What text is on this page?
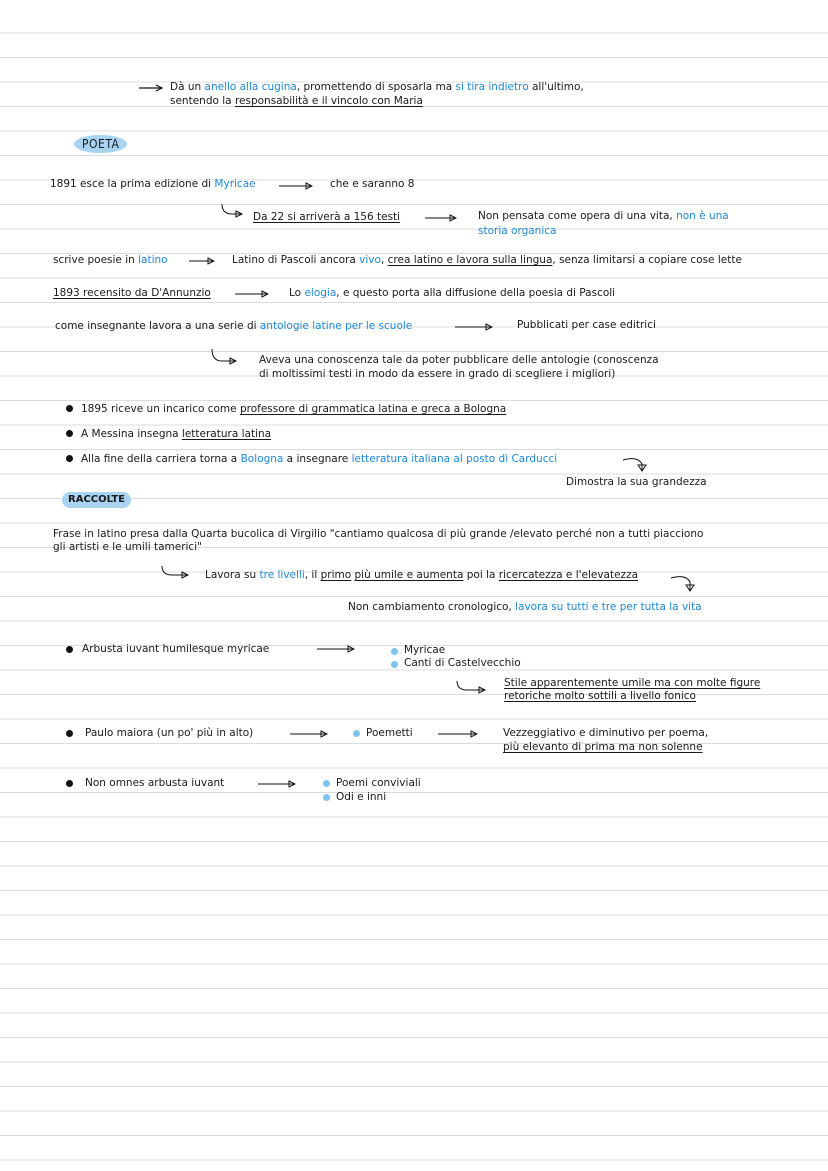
Dà un anello alla cugina, promettendo di sposarla ma si tira indietro all'ultimo,
sentendo la responsabilità e il vincolo con Maria
POETA
1891 esce la prima edizione di Myricae	che e saranno 8
Da 22 si arriverà a 156 testi	Non pensata come opera di una vita, non è una
storia organica
scrive poesie in latino	Latino di Pascoli ancora vivo, crea latino e lavora sulla lingua, senza limitarsi a copiare cose lette
1893 recensito da D'Annunzio	Lo elogia, e questo porta alla diffusione della poesia di Pascoli
come insegnante lavora a una serie di antologie latine per le scuole	Pubblicati per case editrici
Aveva una conoscenza tale da poter pubblicare delle antologie (conoscenza
di moltissimi testi in modo da essere in grado di scegliere i migliori)
1895 riceve un incarico come professore di grammatica latina e greca a Bologna
A Messina insegna letteratura latina
Alla fine della carriera torna a Bologna a insegnare letteratura italiana al posto di Carducci
Dimostra la sua grandezza
RACCOLTE
Frase in latino presa dalla Quarta bucolica di Virgilio "cantiamo qualcosa di più grande /elevato perché non a tutti piacciono
gli artisti e le umili tamerici"
Lavora su tre livelli, il primo più umile e aumenta poi la ricercatezza e l'elevatezza
Non cambiamento cronologico, lavora su tutti e tre per tutta la vita
Arbusta iuvant humilesque myricae	Myricae
Canti di Castelvecchio
Stile apparentemente umile ma con molte figure
retoriche molto sottili a livello fonico
Paulo maiora (un po' più in alto)	Poemetti	Vezzeggiativo e diminutivo per poema,
più elevanto di prima ma non solenne
Non omnes arbusta iuvant	Poemi conviviali
Odi e inni
